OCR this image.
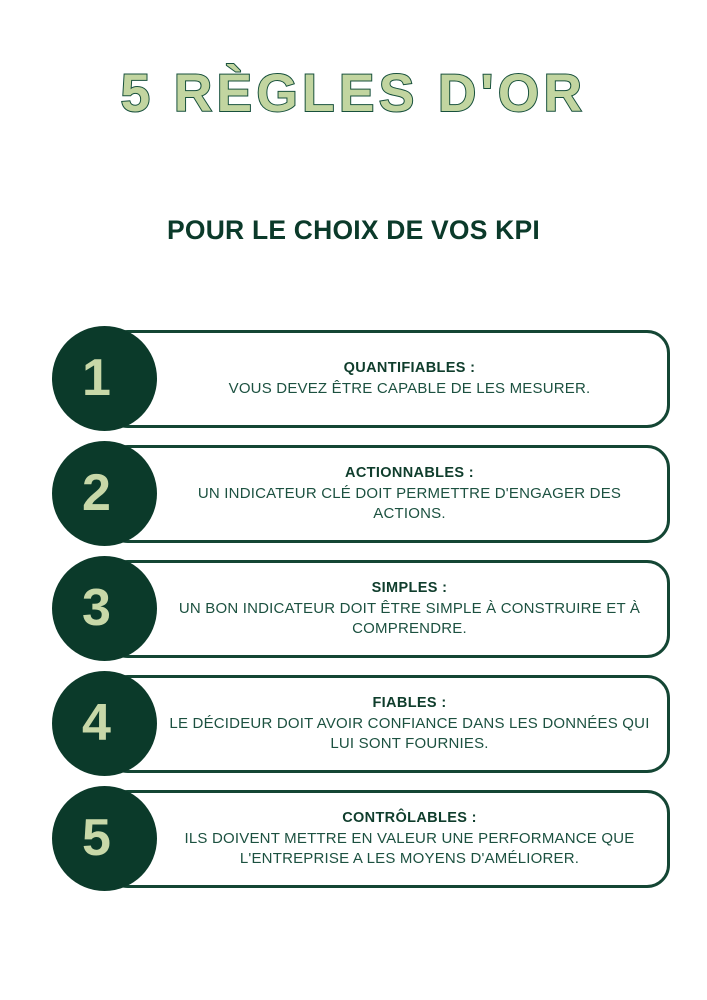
5 RÈGLES D'OR
POUR LE CHOIX DE VOS KPI
QUANTIFIABLES :
VOUS DEVEZ ÊTRE CAPABLE DE LES MESURER.
1
ACTIONNABLES :
UN INDICATEUR CLÉ DOIT PERMETTRE D'ENGAGER DES ACTIONS.
2
SIMPLES :
UN BON INDICATEUR DOIT ÊTRE SIMPLE À CONSTRUIRE ET À COMPRENDRE.
3
FIABLES :
LE DÉCIDEUR DOIT AVOIR CONFIANCE DANS LES DONNÉES QUI LUI SONT FOURNIES.
4
CONTRÔLABLES :
ILS DOIVENT METTRE EN VALEUR UNE PERFORMANCE QUE L'ENTREPRISE A LES MOYENS D'AMÉLIORER.
5
